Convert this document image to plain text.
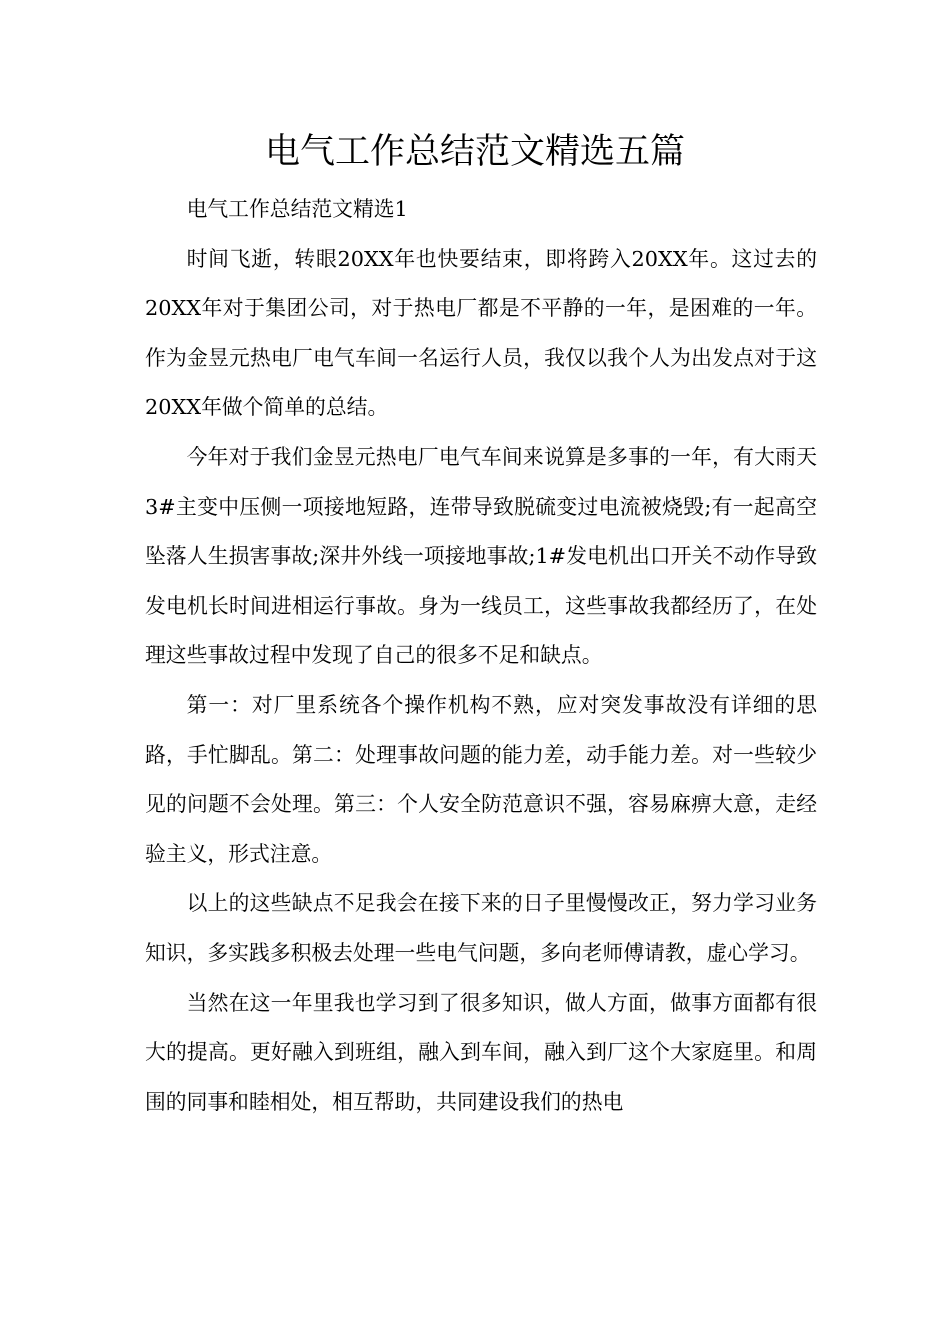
电气工作总结范文精选五篇

电气工作总结范文精选1

时间飞逝，转眼20XX年也快要结束，即将跨入20XX年。这过去的20XX年对于集团公司，对于热电厂都是不平静的一年，是困难的一年。作为金昱元热电厂电气车间一名运行人员，我仅以我个人为出发点对于这20XX年做个简单的总结。

今年对于我们金昱元热电厂电气车间来说算是多事的一年，有大雨天3#主变中压侧一项接地短路，连带导致脱硫变过电流被烧毁;有一起高空坠落人生损害事故;深井外线一项接地事故;1#发电机出口开关不动作导致发电机长时间进相运行事故。身为一线员工，这些事故我都经历了，在处理这些事故过程中发现了自己的很多不足和缺点。

第一：对厂里系统各个操作机构不熟，应对突发事故没有详细的思路，手忙脚乱。第二：处理事故问题的能力差，动手能力差。对一些较少见的问题不会处理。第三：个人安全防范意识不强，容易麻痹大意，走经验主义，形式注意。

以上的这些缺点不足我会在接下来的日子里慢慢改正，努力学习业务知识，多实践多积极去处理一些电气问题，多向老师傅请教，虚心学习。

当然在这一年里我也学习到了很多知识，做人方面，做事方面都有很大的提高。更好融入到班组，融入到车间，融入到厂这个大家庭里。和周围的同事和睦相处，相互帮助，共同建设我们的热电
